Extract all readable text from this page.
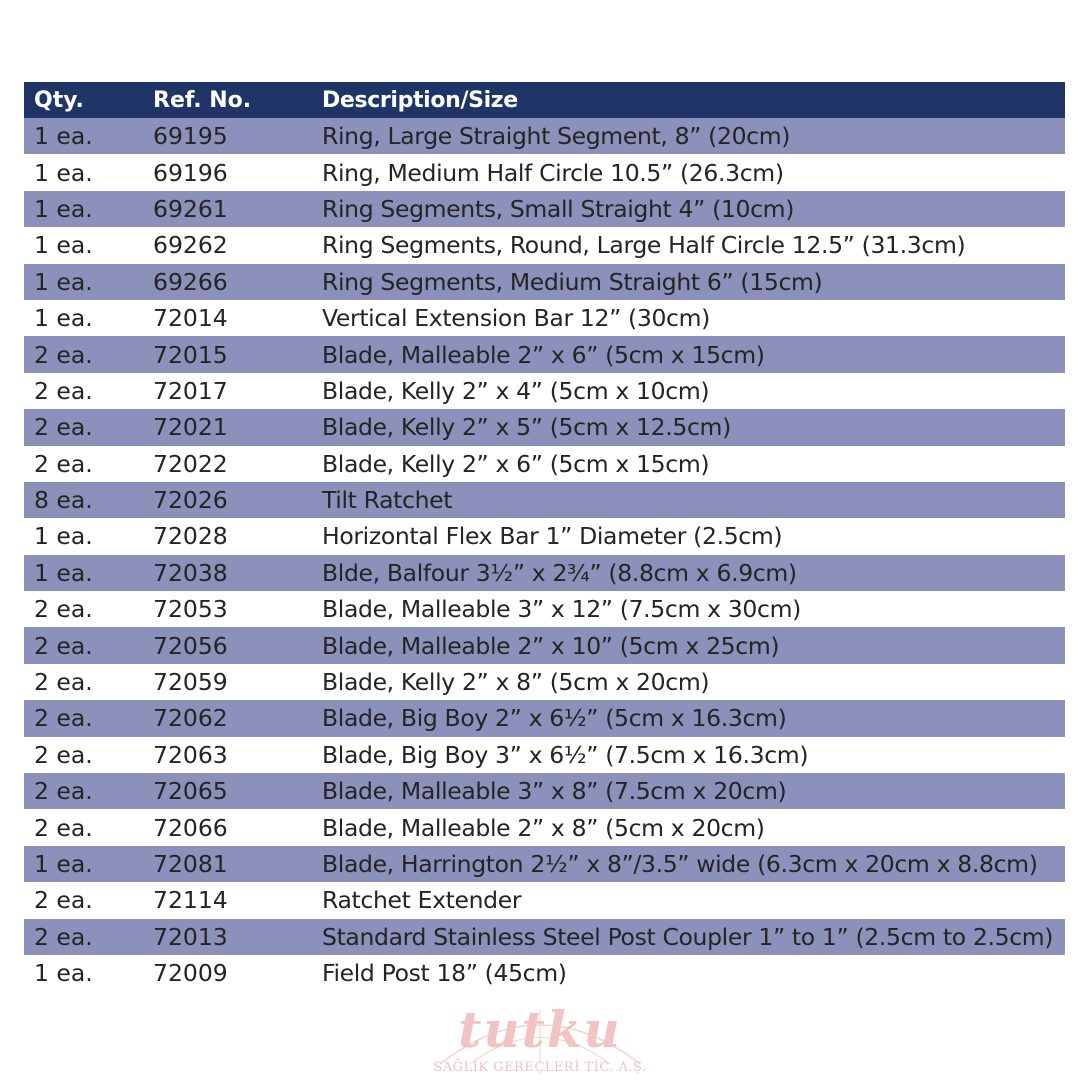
Qty.	Ref. No.	Description/Size
1 ea.	69195	Ring, Large Straight Segment, 8” (20cm)
1 ea.	69196	Ring, Medium Half Circle 10.5” (26.3cm)
1 ea.	69261	Ring Segments, Small Straight 4” (10cm)
1 ea.	69262	Ring Segments, Round, Large Half Circle 12.5” (31.3cm)
1 ea.	69266	Ring Segments, Medium Straight 6” (15cm)
1 ea.	72014	Vertical Extension Bar 12” (30cm)
2 ea.	72015	Blade, Malleable 2” x 6” (5cm x 15cm)
2 ea.	72017	Blade, Kelly 2” x 4” (5cm x 10cm)
2 ea.	72021	Blade, Kelly 2” x 5” (5cm x 12.5cm)
2 ea.	72022	Blade, Kelly 2” x 6” (5cm x 15cm)
8 ea.	72026	Tilt Ratchet
1 ea.	72028	Horizontal Flex Bar 1” Diameter (2.5cm)
1 ea.	72038	Blde, Balfour 3½” x 2¾” (8.8cm x 6.9cm)
2 ea.	72053	Blade, Malleable 3” x 12” (7.5cm x 30cm)
2 ea.	72056	Blade, Malleable 2” x 10” (5cm x 25cm)
2 ea.	72059	Blade, Kelly 2” x 8” (5cm x 20cm)
2 ea.	72062	Blade, Big Boy 2” x 6½” (5cm x 16.3cm)
2 ea.	72063	Blade, Big Boy 3” x 6½” (7.5cm x 16.3cm)
2 ea.	72065	Blade, Malleable 3” x 8” (7.5cm x 20cm)
2 ea.	72066	Blade, Malleable 2” x 8” (5cm x 20cm)
1 ea.	72081	Blade, Harrington 2½” x 8”/3.5” wide (6.3cm x 20cm x 8.8cm)
2 ea.	72114	Ratchet Extender
2 ea.	72013	Standard Stainless Steel Post Coupler 1” to 1” (2.5cm to 2.5cm)
1 ea.	72009	Field Post 18” (45cm)
tutku
SAĞLIK GEREÇLERİ TİC. A.Ş.
